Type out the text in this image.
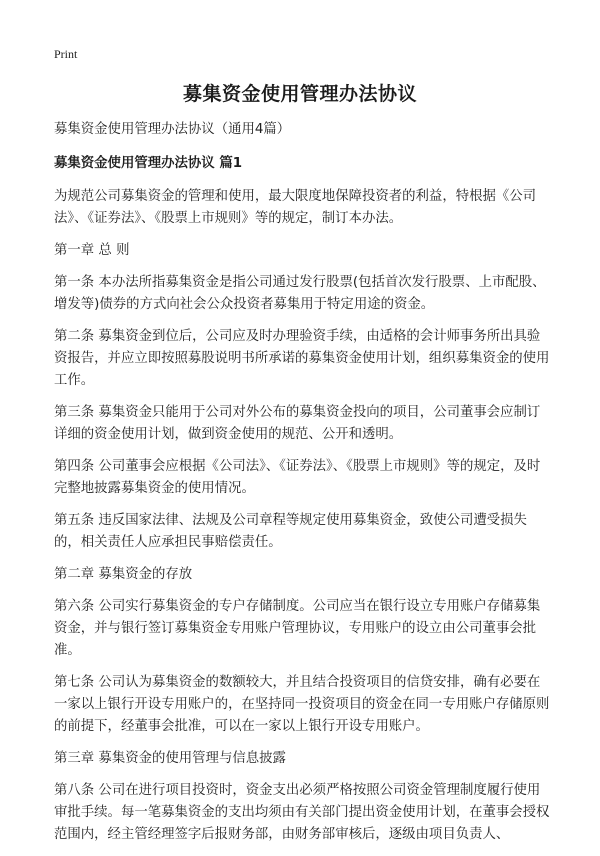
Print
募集资金使用管理办法协议

募集资金使用管理办法协议（通用4篇）

募集资金使用管理办法协议 篇1

为规范公司募集资金的管理和使用，最大限度地保障投资者的利益，特根据《公司法》、《证券法》、《股票上市规则》等的规定，制订本办法。

第一章 总 则

第一条 本办法所指募集资金是指公司通过发行股票(包括首次发行股票、上市配股、增发等)债券的方式向社会公众投资者募集用于特定用途的资金。

第二条 募集资金到位后，公司应及时办理验资手续，由适格的会计师事务所出具验资报告，并应立即按照募股说明书所承诺的募集资金使用计划，组织募集资金的使用工作。

第三条 募集资金只能用于公司对外公布的募集资金投向的项目，公司董事会应制订详细的资金使用计划，做到资金使用的规范、公开和透明。

第四条 公司董事会应根据《公司法》、《证券法》、《股票上市规则》等的规定，及时完整地披露募集资金的使用情况。

第五条 违反国家法律、法规及公司章程等规定使用募集资金，致使公司遭受损失的，相关责任人应承担民事赔偿责任。

第二章 募集资金的存放

第六条 公司实行募集资金的专户存储制度。公司应当在银行设立专用账户存储募集资金，并与银行签订募集资金专用账户管理协议，专用账户的设立由公司董事会批准。

第七条 公司认为募集资金的数额较大，并且结合投资项目的信贷安排，确有必要在一家以上银行开设专用账户的，在坚持同一投资项目的资金在同一专用账户存储原则的前提下，经董事会批准，可以在一家以上银行开设专用账户。

第三章 募集资金的使用管理与信息披露

第八条 公司在进行项目投资时，资金支出必须严格按照公司资金管理制度履行使用审批手续。每一笔募集资金的支出均须由有关部门提出资金使用计划，在董事会授权范围内，经主管经理签字后报财务部，由财务部审核后，逐级由项目负责人、
